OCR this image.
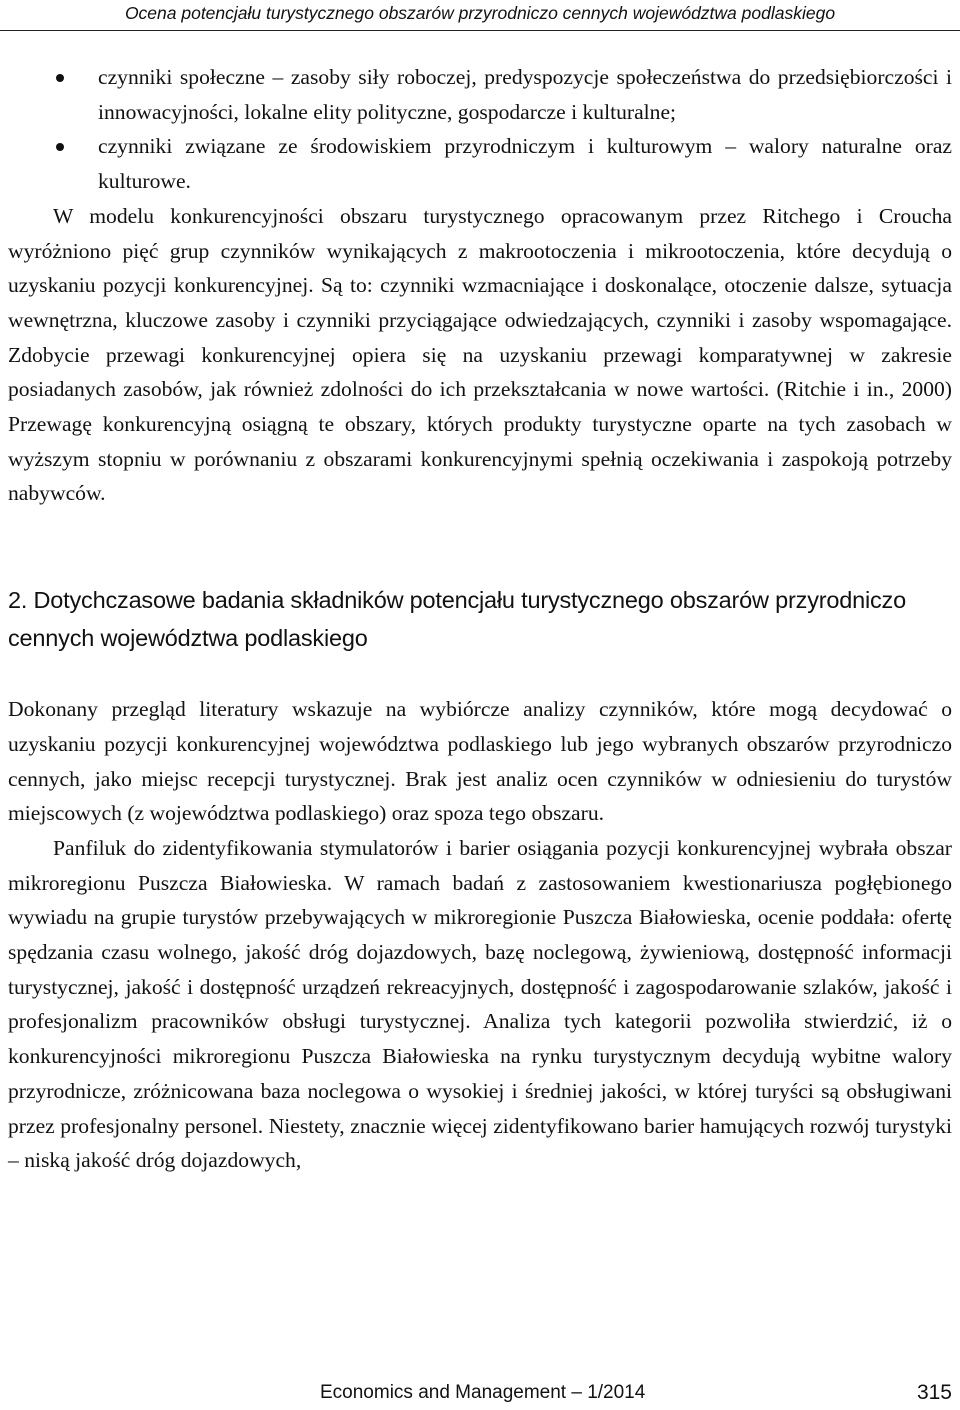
Ocena potencjału turystycznego obszarów przyrodniczo cennych województwa podlaskiego
czynniki społeczne – zasoby siły roboczej, predyspozycje społeczeństwa do przedsiębiorczości i innowacyjności, lokalne elity polityczne, gospodarcze i kulturalne;
czynniki związane ze środowiskiem przyrodniczym i kulturowym – walory naturalne oraz kulturowe.

W modelu konkurencyjności obszaru turystycznego opracowanym przez Ritchego i Croucha wyróżniono pięć grup czynników wynikających z makrootoczenia i mikrootoczenia, które decydują o uzyskaniu pozycji konkurencyjnej. Są to: czynniki wzmacniające i doskonalące, otoczenie dalsze, sytuacja wewnętrzna, kluczowe zasoby i czynniki przyciągające odwiedzających, czynniki i zasoby wspomagające. Zdobycie przewagi konkurencyjnej opiera się na uzyskaniu przewagi komparatywnej w zakresie posiadanych zasobów, jak również zdolności do ich przekształcania w nowe wartości. (Ritchie i in., 2000) Przewagę konkurencyjną osiągną te obszary, których produkty turystyczne oparte na tych zasobach w wyższym stopniu w porównaniu z obszarami konkurencyjnymi spełnią oczekiwania i zaspokoją potrzeby nabywców.

2. Dotychczasowe badania składników potencjału turystycznego obszarów przyrodniczo cennych województwa podlaskiego

Dokonany przegląd literatury wskazuje na wybiórcze analizy czynników, które mogą decydować o uzyskaniu pozycji konkurencyjnej województwa podlaskiego lub jego wybranych obszarów przyrodniczo cennych, jako miejsc recepcji turystycznej. Brak jest analiz ocen czynników w odniesieniu do turystów miejscowych (z województwa podlaskiego) oraz spoza tego obszaru.

Panfiluk do zidentyfikowania stymulatorów i barier osiągania pozycji konkurencyjnej wybrała obszar mikroregionu Puszcza Białowieska. W ramach badań z zastosowaniem kwestionariusza pogłębionego wywiadu na grupie turystów przebywających w mikroregionie Puszcza Białowieska, ocenie poddała: ofertę spędzania czasu wolnego, jakość dróg dojazdowych, bazę noclegową, żywieniową, dostępność informacji turystycznej, jakość i dostępność urządzeń rekreacyjnych, dostępność i zagospodarowanie szlaków, jakość i profesjonalizm pracowników obsługi turystycznej. Analiza tych kategorii pozwoliła stwierdzić, iż o konkurencyjności mikroregionu Puszcza Białowieska na rynku turystycznym decydują wybitne walory przyrodnicze, zróżnicowana baza noclegowa o wysokiej i średniej jakości, w której turyści są obsługiwani przez profesjonalny personel. Niestety, znacznie więcej zidentyfikowano barier hamujących rozwój turystyki – niską jakość dróg dojazdowych,

Economics and Management – 1/2014	315
